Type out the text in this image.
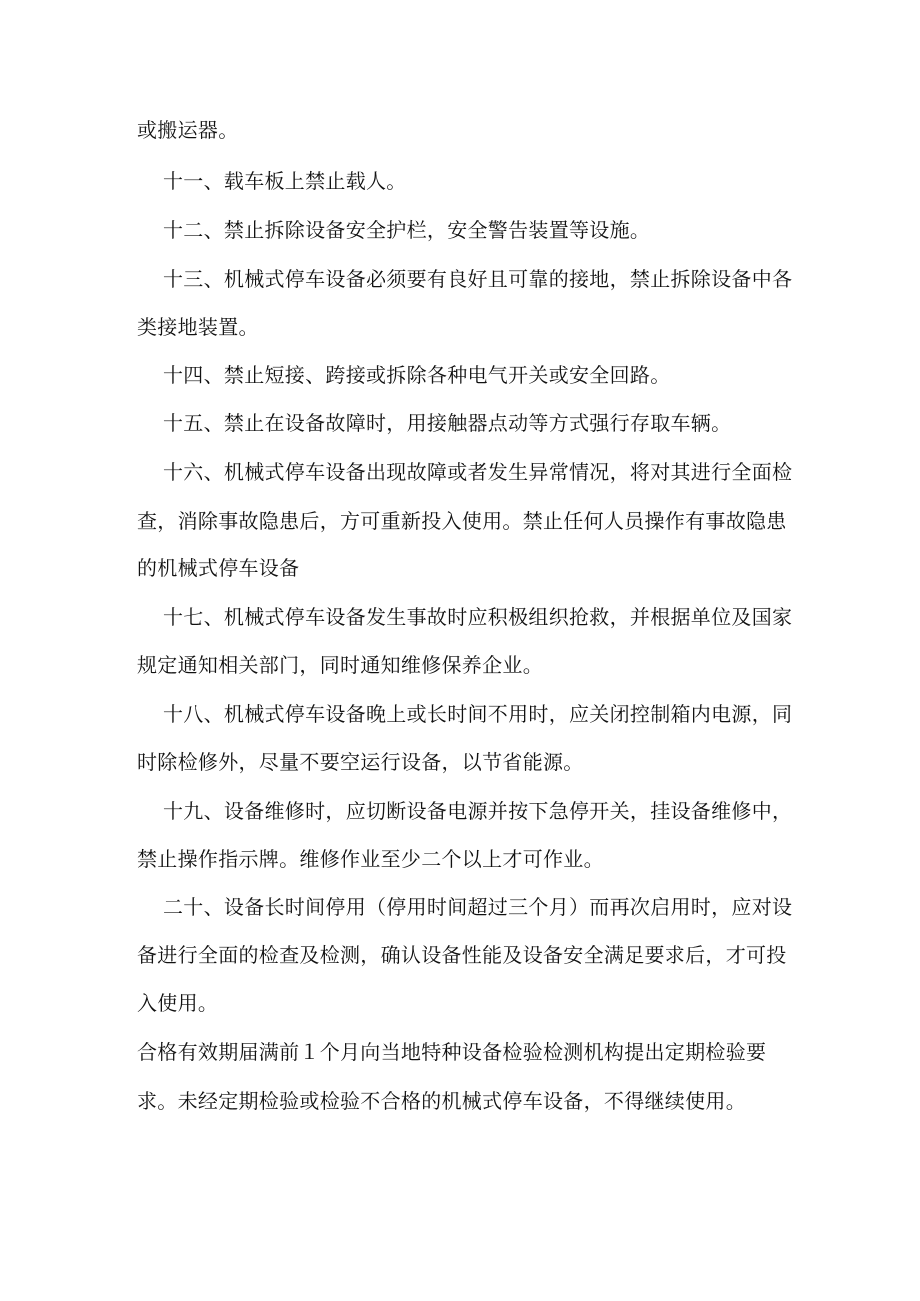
或搬运器。
十一、载车板上禁止载人。
十二、禁止拆除设备安全护栏，安全警告装置等设施。
十三、机械式停车设备必须要有良好且可靠的接地，禁止拆除设备中各
类接地装置。
十四、禁止短接、跨接或拆除各种电气开关或安全回路。
十五、禁止在设备故障时，用接触器点动等方式强行存取车辆。
十六、机械式停车设备出现故障或者发生异常情况，将对其进行全面检
查，消除事故隐患后，方可重新投入使用。禁止任何人员操作有事故隐患
的机械式停车设备
十七、机械式停车设备发生事故时应积极组织抢救，并根据单位及国家
规定通知相关部门，同时通知维修保养企业。
十八、机械式停车设备晚上或长时间不用时，应关闭控制箱内电源，同
时除检修外，尽量不要空运行设备，以节省能源。
十九、设备维修时，应切断设备电源并按下急停开关，挂设备维修中，
禁止操作指示牌。维修作业至少二个以上才可作业。
二十、设备长时间停用（停用时间超过三个月）而再次启用时，应对设
备进行全面的检查及检测，确认设备性能及设备安全满足要求后，才可投
入使用。
合格有效期届满前１个月向当地特种设备检验检测机构提出定期检验要
求。未经定期检验或检验不合格的机械式停车设备，不得继续使用。
